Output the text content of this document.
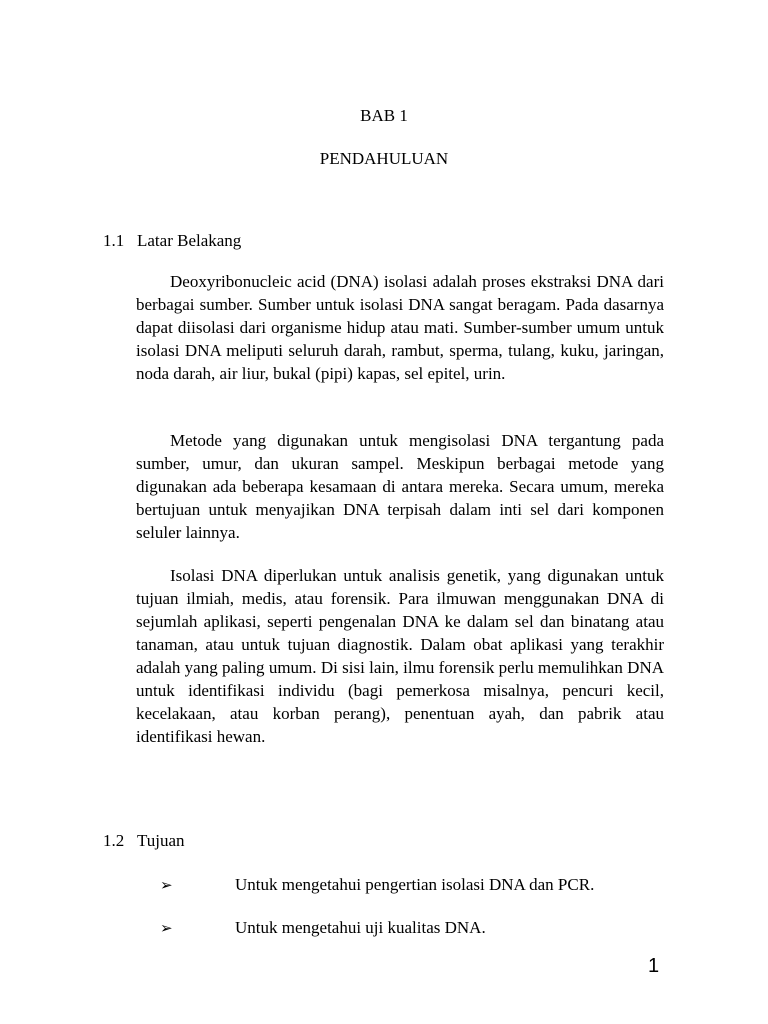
BAB 1
PENDAHULUAN
1.1 Latar Belakang

Deoxyribonucleic acid (DNA) isolasi adalah proses ekstraksi DNA dari berbagai sumber. Sumber untuk isolasi DNA sangat beragam. Pada dasarnya dapat diisolasi dari organisme hidup atau mati. Sumber-sumber umum untuk isolasi DNA meliputi seluruh darah, rambut, sperma, tulang, kuku, jaringan, noda darah, air liur, bukal (pipi) kapas, sel epitel, urin.

Metode yang digunakan untuk mengisolasi DNA tergantung pada sumber, umur, dan ukuran sampel. Meskipun berbagai metode yang digunakan ada beberapa kesamaan di antara mereka. Secara umum, mereka bertujuan untuk menyajikan DNA terpisah dalam inti sel dari komponen seluler lainnya.

Isolasi DNA diperlukan untuk analisis genetik, yang digunakan untuk tujuan ilmiah, medis, atau forensik. Para ilmuwan menggunakan DNA di sejumlah aplikasi, seperti pengenalan DNA ke dalam sel dan binatang atau tanaman, atau untuk tujuan diagnostik. Dalam obat aplikasi yang terakhir adalah yang paling umum. Di sisi lain, ilmu forensik perlu memulihkan DNA untuk identifikasi individu (bagi pemerkosa misalnya, pencuri kecil, kecelakaan, atau korban perang), penentuan ayah, dan pabrik atau identifikasi hewan.

1.2 Tujuan
➢	Untuk mengetahui pengertian isolasi DNA dan PCR.
➢	Untuk mengetahui uji kualitas DNA.
1
